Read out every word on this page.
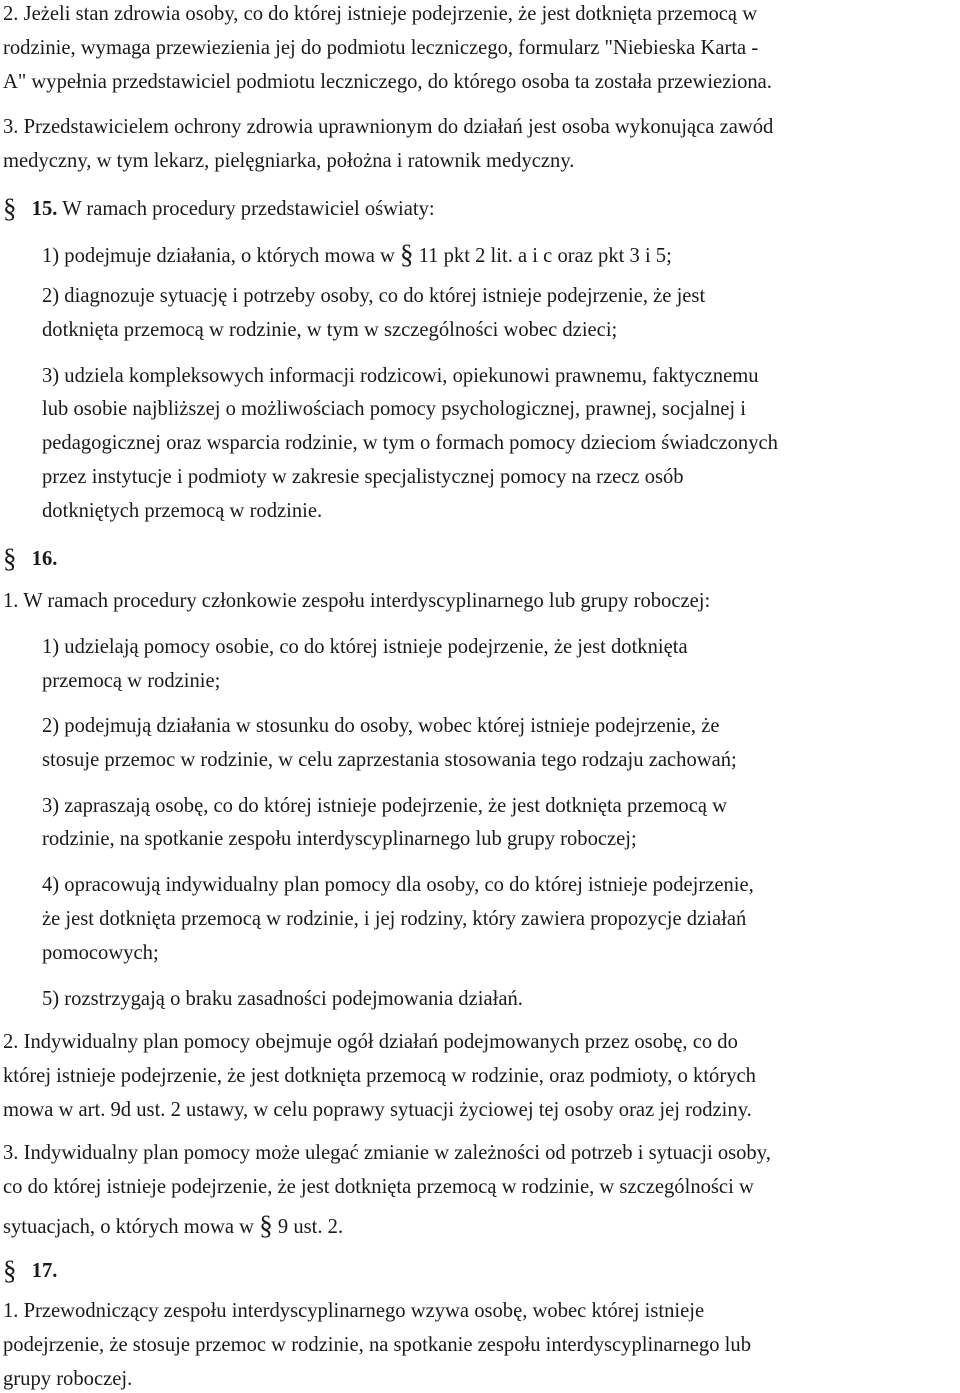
2. Jeżeli stan zdrowia osoby, co do której istnieje podejrzenie, że jest dotknięta przemocą w
rodzinie, wymaga przewiezienia jej do podmiotu leczniczego, formularz "Niebieska Karta -
A" wypełnia przedstawiciel podmiotu leczniczego, do którego osoba ta została przewieziona.
3. Przedstawicielem ochrony zdrowia uprawnionym do działań jest osoba wykonująca zawód
medyczny, w tym lekarz, pielęgniarka, położna i ratownik medyczny.
§ 15. W ramach procedury przedstawiciel oświaty:
1) podejmuje działania, o których mowa w § 11 pkt 2 lit. a i c oraz pkt 3 i 5;
2) diagnozuje sytuację i potrzeby osoby, co do której istnieje podejrzenie, że jest
dotknięta przemocą w rodzinie, w tym w szczególności wobec dzieci;
3) udziela kompleksowych informacji rodzicowi, opiekunowi prawnemu, faktycznemu
lub osobie najbliższej o możliwościach pomocy psychologicznej, prawnej, socjalnej i
pedagogicznej oraz wsparcia rodzinie, w tym o formach pomocy dzieciom świadczonych
przez instytucje i podmioty w zakresie specjalistycznej pomocy na rzecz osób
dotkniętych przemocą w rodzinie.
§ 16.
1. W ramach procedury członkowie zespołu interdyscyplinarnego lub grupy roboczej:
1) udzielają pomocy osobie, co do której istnieje podejrzenie, że jest dotknięta
przemocą w rodzinie;
2) podejmują działania w stosunku do osoby, wobec której istnieje podejrzenie, że
stosuje przemoc w rodzinie, w celu zaprzestania stosowania tego rodzaju zachowań;
3) zapraszają osobę, co do której istnieje podejrzenie, że jest dotknięta przemocą w
rodzinie, na spotkanie zespołu interdyscyplinarnego lub grupy roboczej;
4) opracowują indywidualny plan pomocy dla osoby, co do której istnieje podejrzenie,
że jest dotknięta przemocą w rodzinie, i jej rodziny, który zawiera propozycje działań
pomocowych;
5) rozstrzygają o braku zasadności podejmowania działań.
2. Indywidualny plan pomocy obejmuje ogół działań podejmowanych przez osobę, co do
której istnieje podejrzenie, że jest dotknięta przemocą w rodzinie, oraz podmioty, o których
mowa w art. 9d ust. 2 ustawy, w celu poprawy sytuacji życiowej tej osoby oraz jej rodziny.
3. Indywidualny plan pomocy może ulegać zmianie w zależności od potrzeb i sytuacji osoby,
co do której istnieje podejrzenie, że jest dotknięta przemocą w rodzinie, w szczególności w
sytuacjach, o których mowa w § 9 ust. 2.
§ 17.
1. Przewodniczący zespołu interdyscyplinarnego wzywa osobę, wobec której istnieje
podejrzenie, że stosuje przemoc w rodzinie, na spotkanie zespołu interdyscyplinarnego lub
grupy roboczej.
